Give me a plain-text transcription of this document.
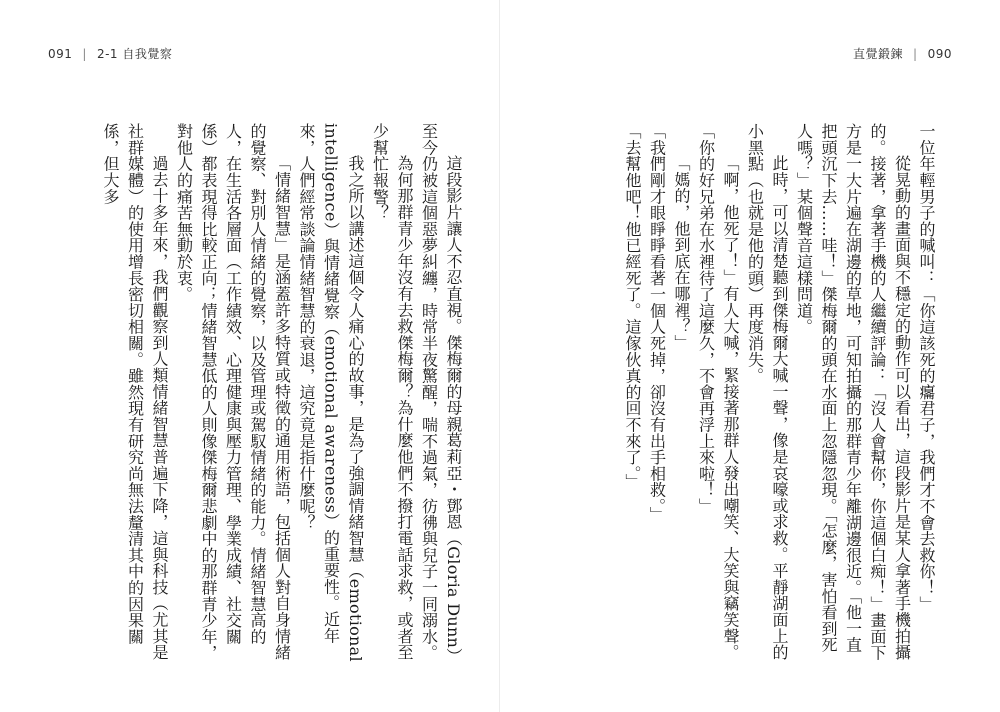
091 | 2-1 自我覺察	直覺鍛鍊 | 090

一位年輕男子的喊叫：「你這該死的癟君子，我們才不會去救你！」

從晃動的畫面與不穩定的動作可以看出，這段影片是某人拿著手機拍攝的。接著，拿著手機的人繼續評論：「沒人會幫你，你這個白痴！」畫面下方是一大片遍在湖邊的草地，可知拍攝的那群青少年離湖邊很近。「他一直把頭沉下去……哇！」傑梅爾的頭在水面上忽隱忽現。「怎麼，害怕看到死人嗎？」某個聲音這樣問道。

此時，可以清楚聽到傑梅爾大喊一聲，像是哀嚎或求救。平靜湖面上的小黑點（也就是他的頭）再度消失。

「啊，他死了！」有人大喊，緊接著那群人發出嘲笑、大笑與竊笑聲。「你的好兄弟在水裡待了這麼久，不會再浮上來啦！」

「媽的，他到底在哪裡？」

「我們剛才眼睜睜看著一個人死掉，卻沒有出手相救。」

「去幫他吧！他已經死了。這傢伙真的回不來了。」

這段影片讓人不忍直視。傑梅爾的母親葛莉亞・鄧恩（Gloria Dunn）至今仍被這個惡夢糾纏，時常半夜驚醒，喘不過氣，彷彿與兒子一同溺水。

為何那群青少年沒有去救傑梅爾？為什麼他們不撥打電話求救，或者至少幫忙報警？

我之所以講述這個令人痛心的故事，是為了強調情緒智慧（emotional intelligence）與情緒覺察（emotional awareness）的重要性。近年來，人們經常談論情緒智慧的衰退，這究竟是指什麼呢？

「情緒智慧」是涵蓋許多特質或特徵的通用術語，包括個人對自身情緒的覺察、對別人情緒的覺察，以及管理或駕馭情緒的能力。情緒智慧高的人，在生活各層面（工作績效、心理健康與壓力管理、學業成績、社交關係）都表現得比較正向；情緒智慧低的人則像傑梅爾悲劇中的那群青少年，對他人的痛苦無動於衷。

過去十多年來，我們觀察到人類情緒智慧普遍下降，這與科技（尤其是社群媒體）的使用增長密切相關。雖然現有研究尚無法釐清其中的因果關係，但大多
